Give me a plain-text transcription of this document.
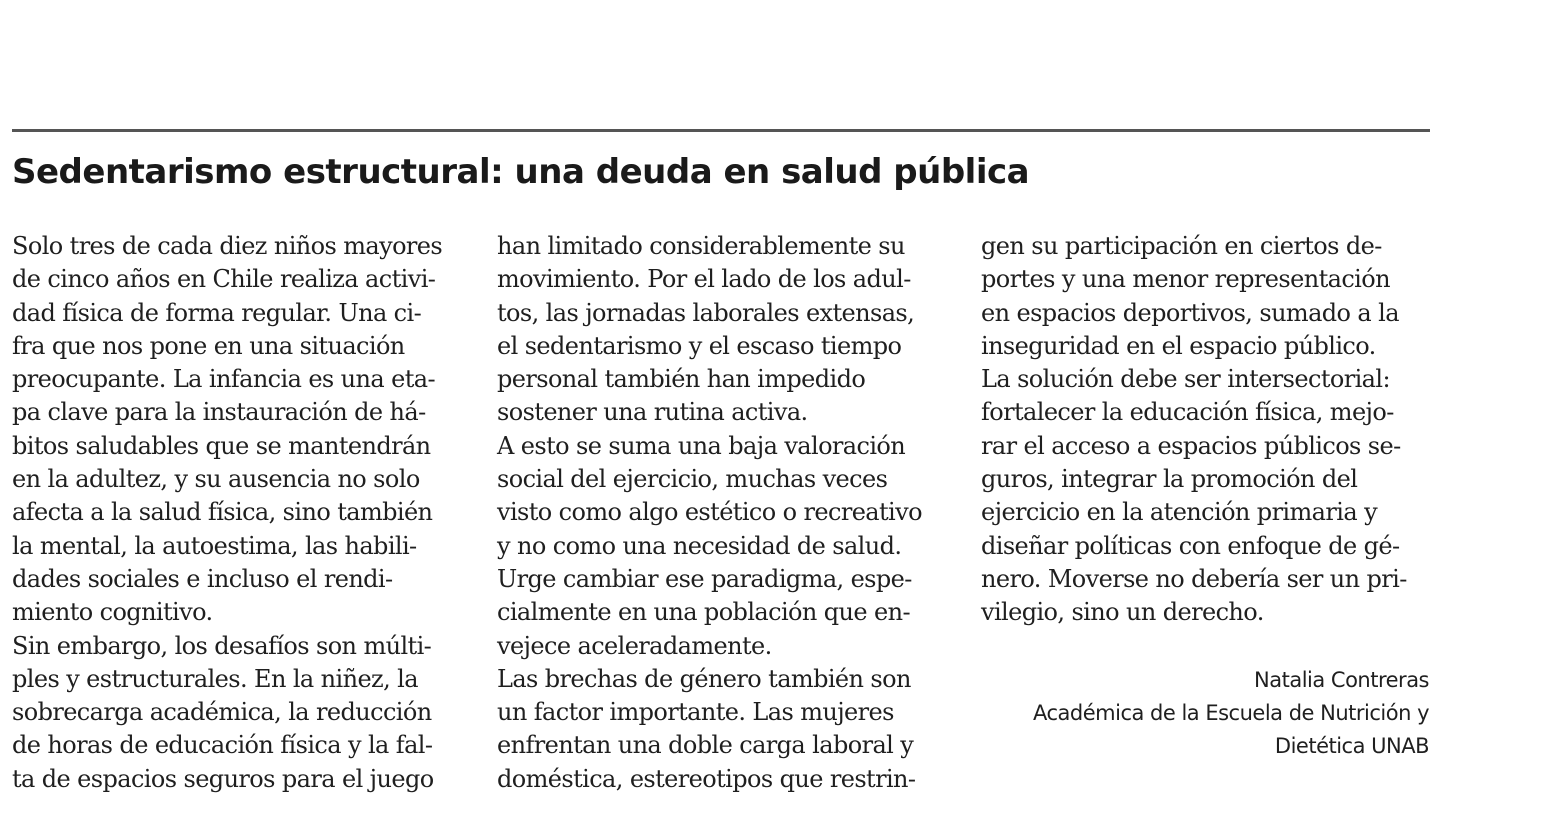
Sedentarismo estructural: una deuda en salud pública
Solo tres de cada diez niños mayores
de cinco años en Chile realiza activi-
dad física de forma regular. Una ci-
fra que nos pone en una situación
preocupante. La infancia es una eta-
pa clave para la instauración de há-
bitos saludables que se mantendrán
en la adultez, y su ausencia no solo
afecta a la salud física, sino también
la mental, la autoestima, las habili-
dades sociales e incluso el rendi-
miento cognitivo.
Sin embargo, los desafíos son múlti-
ples y estructurales. En la niñez, la
sobrecarga académica, la reducción
de horas de educación física y la fal-
ta de espacios seguros para el juego
han limitado considerablemente su
movimiento. Por el lado de los adul-
tos, las jornadas laborales extensas,
el sedentarismo y el escaso tiempo
personal también han impedido
sostener una rutina activa.
A esto se suma una baja valoración
social del ejercicio, muchas veces
visto como algo estético o recreativo
y no como una necesidad de salud.
Urge cambiar ese paradigma, espe-
cialmente en una población que en-
vejece aceleradamente.
Las brechas de género también son
un factor importante. Las mujeres
enfrentan una doble carga laboral y
doméstica, estereotipos que restrin-
gen su participación en ciertos de-
portes y una menor representación
en espacios deportivos, sumado a la
inseguridad en el espacio público.
La solución debe ser intersectorial:
fortalecer la educación física, mejo-
rar el acceso a espacios públicos se-
guros, integrar la promoción del
ejercicio en la atención primaria y
diseñar políticas con enfoque de gé-
nero. Moverse no debería ser un pri-
vilegio, sino un derecho.
Natalia Contreras
Académica de la Escuela de Nutrición y
Dietética UNAB
